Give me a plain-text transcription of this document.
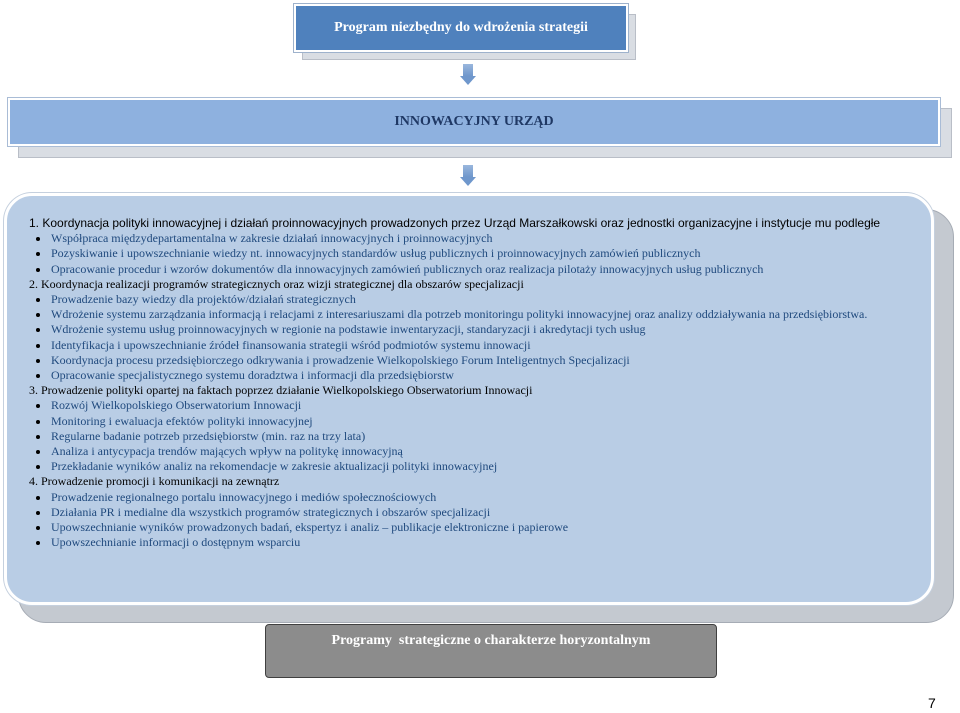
Program niezbędny do wdrożenia strategii
INNOWACYJNY URZĄD
1. Koordynacja polityki innowacyjnej i działań proinnowacyjnych prowadzonych przez Urząd Marszałkowski oraz jednostki organizacyjne i instytucje mu podległe
Współpraca międzydepartamentalna w zakresie działań innowacyjnych i proinnowacyjnych
Pozyskiwanie i upowszechnianie wiedzy nt. innowacyjnych standardów usług publicznych i proinnowacyjnych zamówień publicznych
Opracowanie procedur i wzorów dokumentów dla innowacyjnych zamówień publicznych oraz realizacja pilotaży innowacyjnych usług publicznych
2. Koordynacja realizacji programów strategicznych oraz wizji strategicznej dla obszarów specjalizacji
Prowadzenie bazy wiedzy dla projektów/działań strategicznych
Wdrożenie systemu zarządzania informacją i relacjami z interesariuszami dla potrzeb monitoringu polityki innowacyjnej oraz analizy oddziaływania na przedsiębiorstwa.
Wdrożenie systemu usług proinnowacyjnych w regionie na podstawie inwentaryzacji, standaryzacji i akredytacji tych usług
Identyfikacja i upowszechnianie źródeł finansowania strategii wśród podmiotów systemu innowacji
Koordynacja procesu przedsiębiorczego odkrywania i prowadzenie Wielkopolskiego Forum Inteligentnych Specjalizacji
Opracowanie specjalistycznego systemu doradztwa i informacji dla przedsiębiorstw
3. Prowadzenie polityki opartej na faktach poprzez działanie Wielkopolskiego Obserwatorium Innowacji
Rozwój Wielkopolskiego Obserwatorium Innowacji
Monitoring i ewaluacja efektów polityki innowacyjnej
Regularne badanie potrzeb przedsiębiorstw (min. raz na trzy lata)
Analiza i antycypacja trendów mających wpływ na politykę innowacyjną
Przekładanie wyników analiz na rekomendacje w zakresie aktualizacji polityki innowacyjnej
4. Prowadzenie promocji i komunikacji na zewnątrz
Prowadzenie regionalnego portalu innowacyjnego i mediów społecznościowych
Działania PR i medialne dla wszystkich programów strategicznych i obszarów specjalizacji
Upowszechnianie wyników prowadzonych badań, ekspertyz i analiz – publikacje elektroniczne i papierowe
Upowszechnianie informacji o dostępnym wsparciu
Programy  strategiczne o charakterze horyzontalnym
7
